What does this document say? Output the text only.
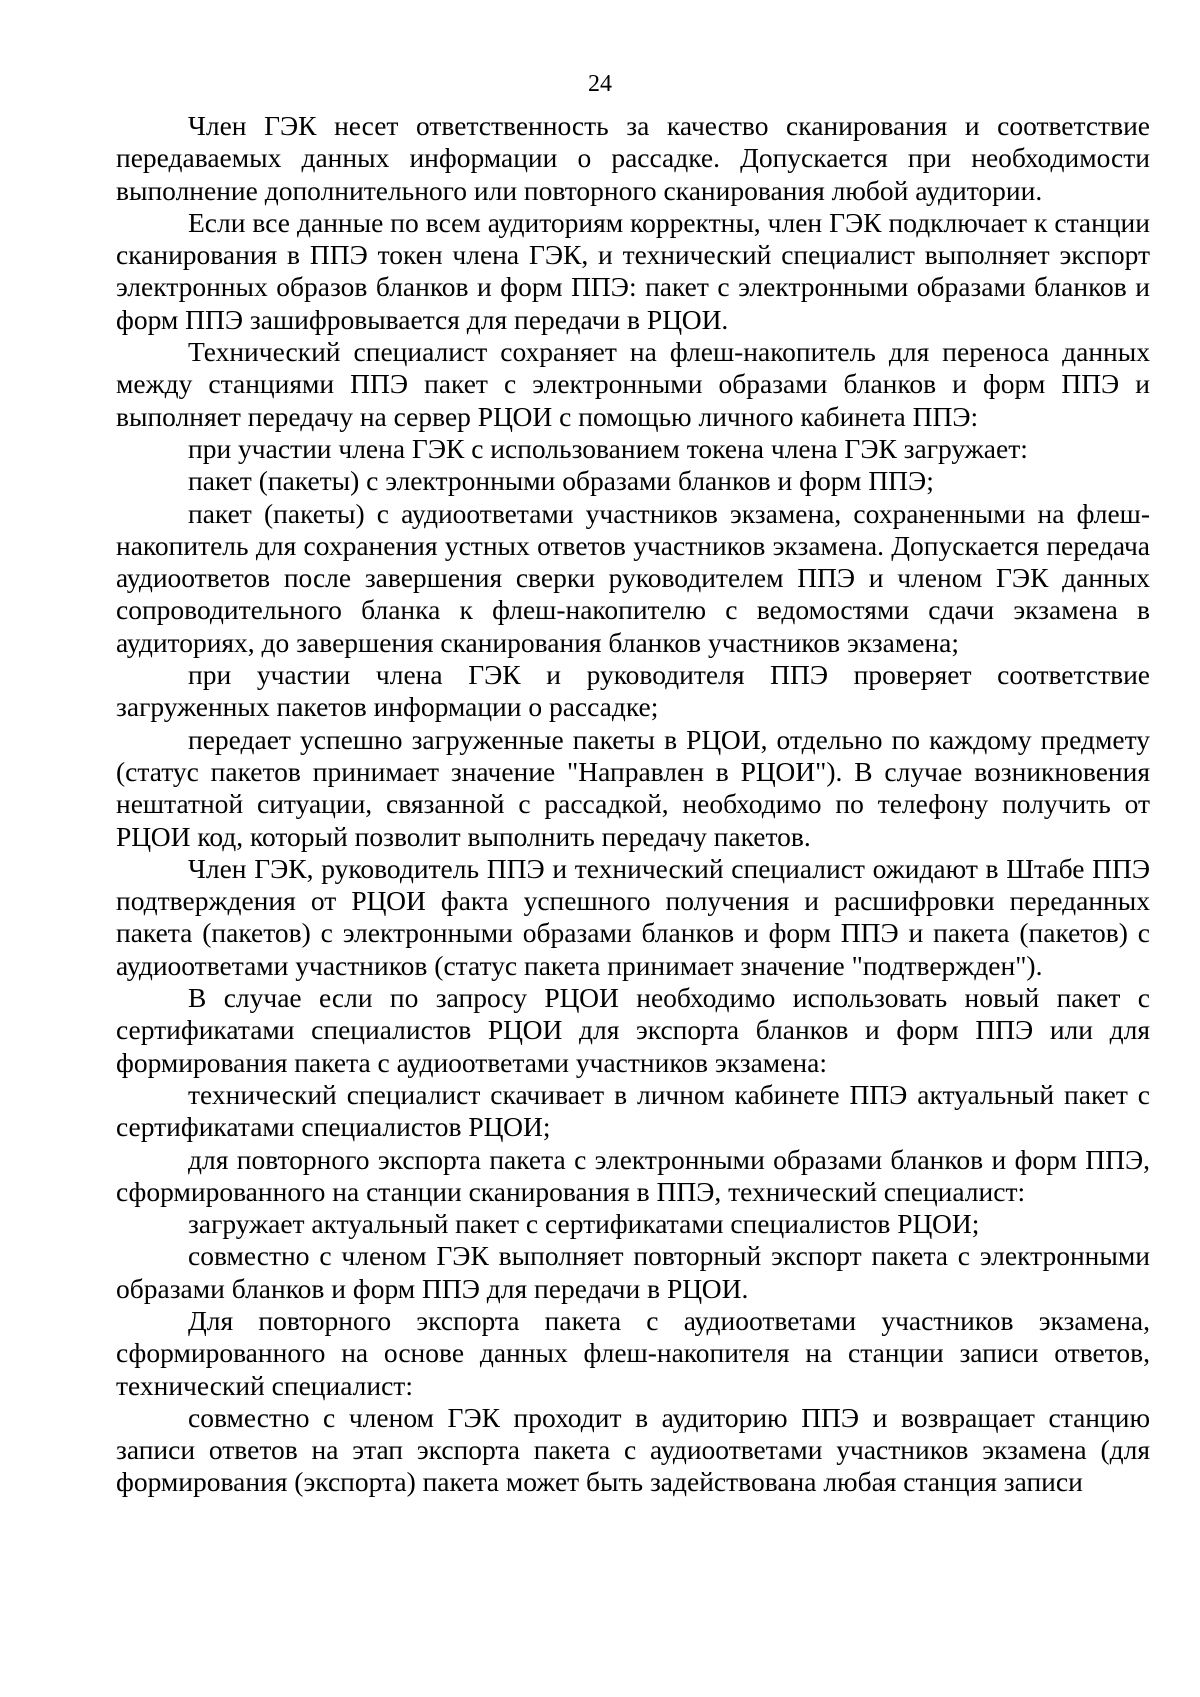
24

Член ГЭК несет ответственность за качество сканирования и соответствие передаваемых данных информации о рассадке. Допускается при необходимости выполнение дополнительного или повторного сканирования любой аудитории.

Если все данные по всем аудиториям корректны, член ГЭК подключает к станции сканирования в ППЭ токен члена ГЭК, и технический специалист выполняет экспорт электронных образов бланков и форм ППЭ: пакет с электронными образами бланков и форм ППЭ зашифровывается для передачи в РЦОИ.

Технический специалист сохраняет на флеш-накопитель для переноса данных между станциями ППЭ пакет с электронными образами бланков и форм ППЭ и выполняет передачу на сервер РЦОИ с помощью личного кабинета ППЭ:

при участии члена ГЭК с использованием токена члена ГЭК загружает:

пакет (пакеты) с электронными образами бланков и форм ППЭ;

пакет (пакеты) с аудиоответами участников экзамена, сохраненными на флеш-накопитель для сохранения устных ответов участников экзамена. Допускается передача аудиоответов после завершения сверки руководителем ППЭ и членом ГЭК данных сопроводительного бланка к флеш-накопителю с ведомостями сдачи экзамена в аудиториях, до завершения сканирования бланков участников экзамена;

при участии члена ГЭК и руководителя ППЭ проверяет соответствие загруженных пакетов информации о рассадке;

передает успешно загруженные пакеты в РЦОИ, отдельно по каждому предмету (статус пакетов принимает значение "Направлен в РЦОИ"). В случае возникновения нештатной ситуации, связанной с рассадкой, необходимо по телефону получить от РЦОИ код, который позволит выполнить передачу пакетов.

Член ГЭК, руководитель ППЭ и технический специалист ожидают в Штабе ППЭ подтверждения от РЦОИ факта успешного получения и расшифровки переданных пакета (пакетов) с электронными образами бланков и форм ППЭ и пакета (пакетов) с аудиоответами участников (статус пакета принимает значение "подтвержден").

В случае если по запросу РЦОИ необходимо использовать новый пакет с сертификатами специалистов РЦОИ для экспорта бланков и форм ППЭ или для формирования пакета с аудиоответами участников экзамена:

технический специалист скачивает в личном кабинете ППЭ актуальный пакет с сертификатами специалистов РЦОИ;

для повторного экспорта пакета с электронными образами бланков и форм ППЭ, сформированного на станции сканирования в ППЭ, технический специалист:

загружает актуальный пакет с сертификатами специалистов РЦОИ;

совместно с членом ГЭК выполняет повторный экспорт пакета с электронными образами бланков и форм ППЭ для передачи в РЦОИ.

Для повторного экспорта пакета с аудиоответами участников экзамена, сформированного на основе данных флеш-накопителя на станции записи ответов, технический специалист:

совместно с членом ГЭК проходит в аудиторию ППЭ и возвращает станцию записи ответов на этап экспорта пакета с аудиоответами участников экзамена (для формирования (экспорта) пакета может быть задействована любая станция записи
